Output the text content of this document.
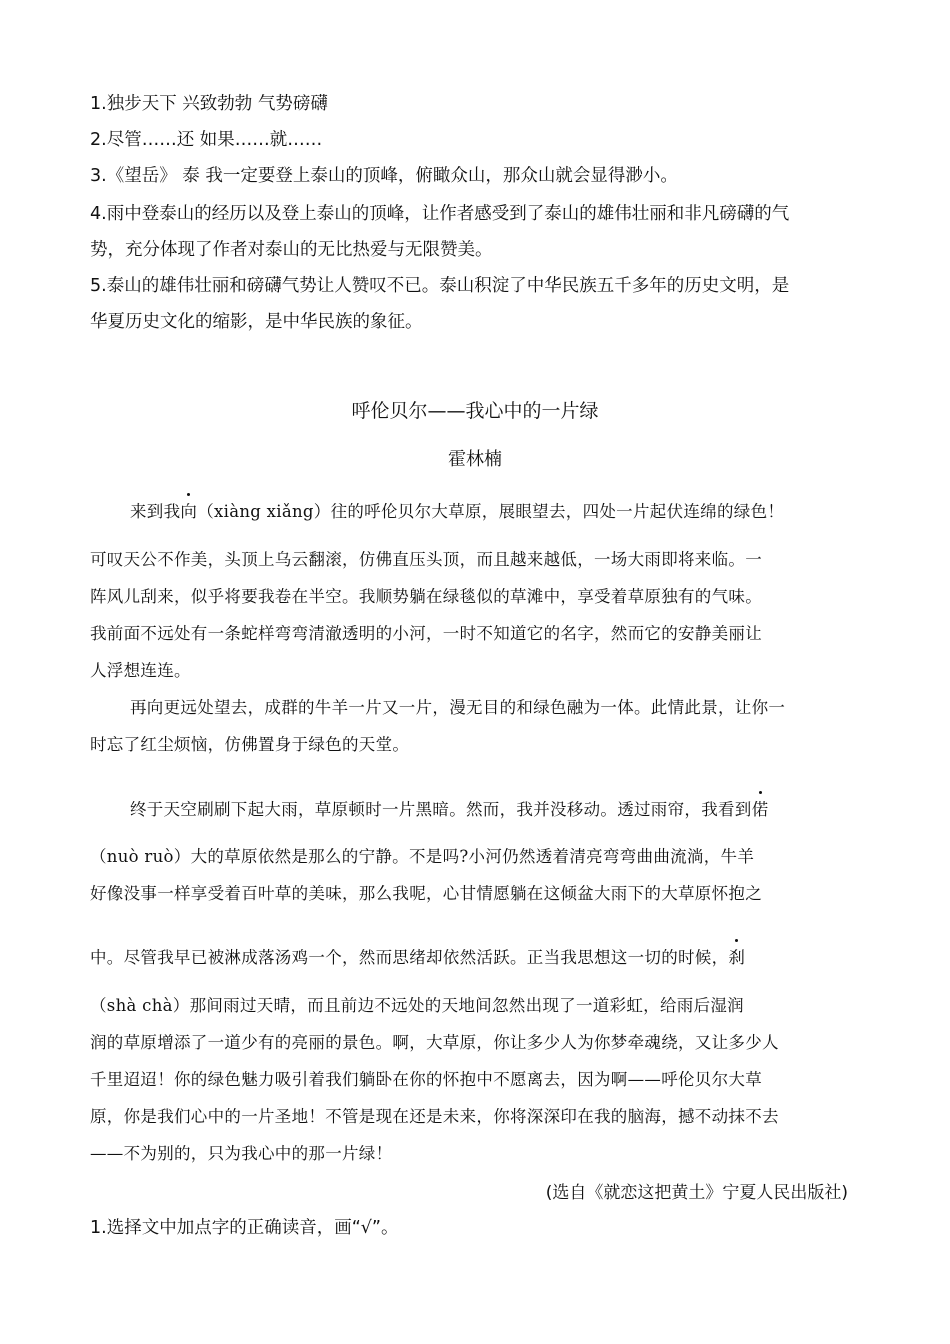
1.独步天下 兴致勃勃 气势磅礴
2.尽管……还 如果……就……
3.《望岳》 泰 我一定要登上泰山的顶峰，俯瞰众山，那众山就会显得渺小。
4.雨中登泰山的经历以及登上泰山的顶峰，让作者感受到了泰山的雄伟壮丽和非凡磅礴的气
势，充分体现了作者对泰山的无比热爱与无限赞美。
5.泰山的雄伟壮丽和磅礴气势让人赞叹不已。泰山积淀了中华民族五千多年的历史文明，是
华夏历史文化的缩影，是中华民族的象征。
呼伦贝尔——我心中的一片绿
霍林楠
来到我向（xiàng xiǎng）往的呼伦贝尔大草原，展眼望去，四处一片起伏连绵的绿色！
可叹天公不作美，头顶上乌云翻滚，仿佛直压头顶，而且越来越低，一场大雨即将来临。一
阵风儿刮来，似乎将要我卷在半空。我顺势躺在绿毯似的草滩中，享受着草原独有的气味。
我前面不远处有一条蛇样弯弯清澈透明的小河，一时不知道它的名字，然而它的安静美丽让
人浮想连连。
再向更远处望去，成群的牛羊一片又一片，漫无目的和绿色融为一体。此情此景，让你一
时忘了红尘烦恼，仿佛置身于绿色的天堂。
终于天空刷刷下起大雨，草原顿时一片黑暗。然而，我并没移动。透过雨帘，我看到偌
（nuò ruò）大的草原依然是那么的宁静。不是吗?小河仍然透着清亮弯弯曲曲流淌，牛羊
好像没事一样享受着百叶草的美味，那么我呢，心甘情愿躺在这倾盆大雨下的大草原怀抱之
中。尽管我早已被淋成落汤鸡一个，然而思绪却依然活跃。正当我思想这一切的时候，刹
（shà chà）那间雨过天晴，而且前边不远处的天地间忽然出现了一道彩虹，给雨后湿润
润的草原增添了一道少有的亮丽的景色。啊，大草原，你让多少人为你梦牵魂绕，又让多少人
千里迢迢！你的绿色魅力吸引着我们躺卧在你的怀抱中不愿离去，因为啊——呼伦贝尔大草
原，你是我们心中的一片圣地！不管是现在还是未来，你将深深印在我的脑海，撼不动抹不去
——不为别的，只为我心中的那一片绿！
(选自《就恋这把黄土》宁夏人民出版社)
1.选择文中加点字的正确读音，画“√”。
